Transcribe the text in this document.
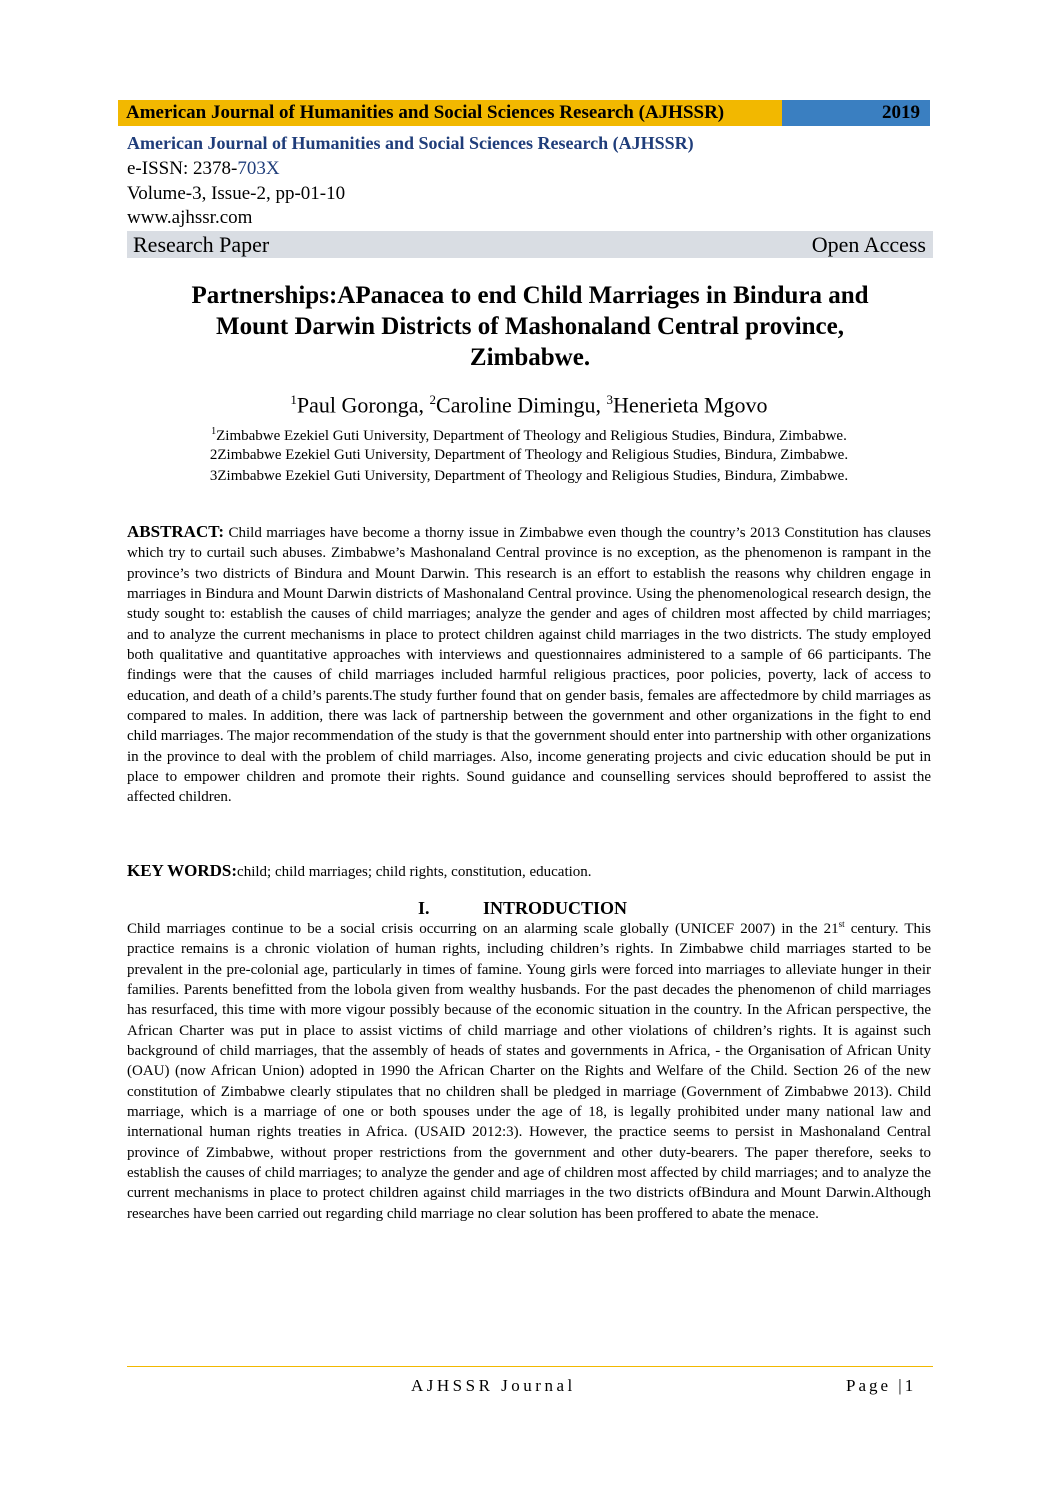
American Journal of Humanities and Social Sciences Research (AJHSSR)	2019
American Journal of Humanities and Social Sciences Research (AJHSSR)
e-ISSN: 2378-703X
Volume-3, Issue-2, pp-01-10
www.ajhssr.com
Research Paper	Open Access
Partnerships:APanacea to end Child Marriages in Bindura and
Mount Darwin Districts of Mashonaland Central province,
Zimbabwe.
$^1$Paul Goronga, $^2$Caroline Dimingu, $^3$Henerieta Mgovo
$^1$Zimbabwe Ezekiel Guti University, Department of Theology and Religious Studies, Bindura, Zimbabwe.
2Zimbabwe Ezekiel Guti University, Department of Theology and Religious Studies, Bindura, Zimbabwe.
3Zimbabwe Ezekiel Guti University, Department of Theology and Religious Studies, Bindura, Zimbabwe.
ABSTRACT: Child marriages have become a thorny issue in Zimbabwe even though the country’s 2013 Constitution has clauses which try to curtail such abuses. Zimbabwe’s Mashonaland Central province is no exception, as the phenomenon is rampant in the province’s two districts of Bindura and Mount Darwin. This research is an effort to establish the reasons why children engage in marriages in Bindura and Mount Darwin districts of Mashonaland Central province. Using the phenomenological research design, the study sought to: establish the causes of child marriages; analyze the gender and ages of children most affected by child marriages; and to analyze the current mechanisms in place to protect children against child marriages in the two districts. The study employed both qualitative and quantitative approaches with interviews and questionnaires administered to a sample of 66 participants. The findings were that the causes of child marriages included harmful religious practices, poor policies, poverty, lack of access to education, and death of a child’s parents.The study further found that on gender basis, females are affectedmore by child marriages as compared to males. In addition, there was lack of partnership between the government and other organizations in the fight to end child marriages. The major recommendation of the study is that the government should enter into partnership with other organizations in the province to deal with the problem of child marriages. Also, income generating projects and civic education should be put in place to empower children and promote their rights. Sound guidance and counselling services should beproffered to assist the affected children.
KEY WORDS:child; child marriages; child rights, constitution, education.
I.	INTRODUCTION
Child marriages continue to be a social crisis occurring on an alarming scale globally (UNICEF 2007) in the 21st century. This practice remains is a chronic violation of human rights, including children’s rights. In Zimbabwe child marriages started to be prevalent in the pre-colonial age, particularly in times of famine. Young girls were forced into marriages to alleviate hunger in their families. Parents benefitted from the lobola given from wealthy husbands. For the past decades the phenomenon of child marriages has resurfaced, this time with more vigour possibly because of the economic situation in the country. In the African perspective, the African Charter was put in place to assist victims of child marriage and other violations of children’s rights. It is against such background of child marriages, that the assembly of heads of states and governments in Africa, - the Organisation of African Unity (OAU) (now African Union) adopted in 1990 the African Charter on the Rights and Welfare of the Child. Section 26 of the new constitution of Zimbabwe clearly stipulates that no children shall be pledged in marriage (Government of Zimbabwe 2013). Child marriage, which is a marriage of one or both spouses under the age of 18, is legally prohibited under many national law and international human rights treaties in Africa. (USAID 2012:3). However, the practice seems to persist in Mashonaland Central province of Zimbabwe, without proper restrictions from the government and other duty-bearers. The paper therefore, seeks to establish the causes of child marriages; to analyze the gender and age of children most affected by child marriages; and to analyze the current mechanisms in place to protect children against child marriages in the two districts ofBindura and Mount Darwin.Although researches have been carried out regarding child marriage no clear solution has been proffered to abate the menace.
AJHSSR Journal	Page |1
